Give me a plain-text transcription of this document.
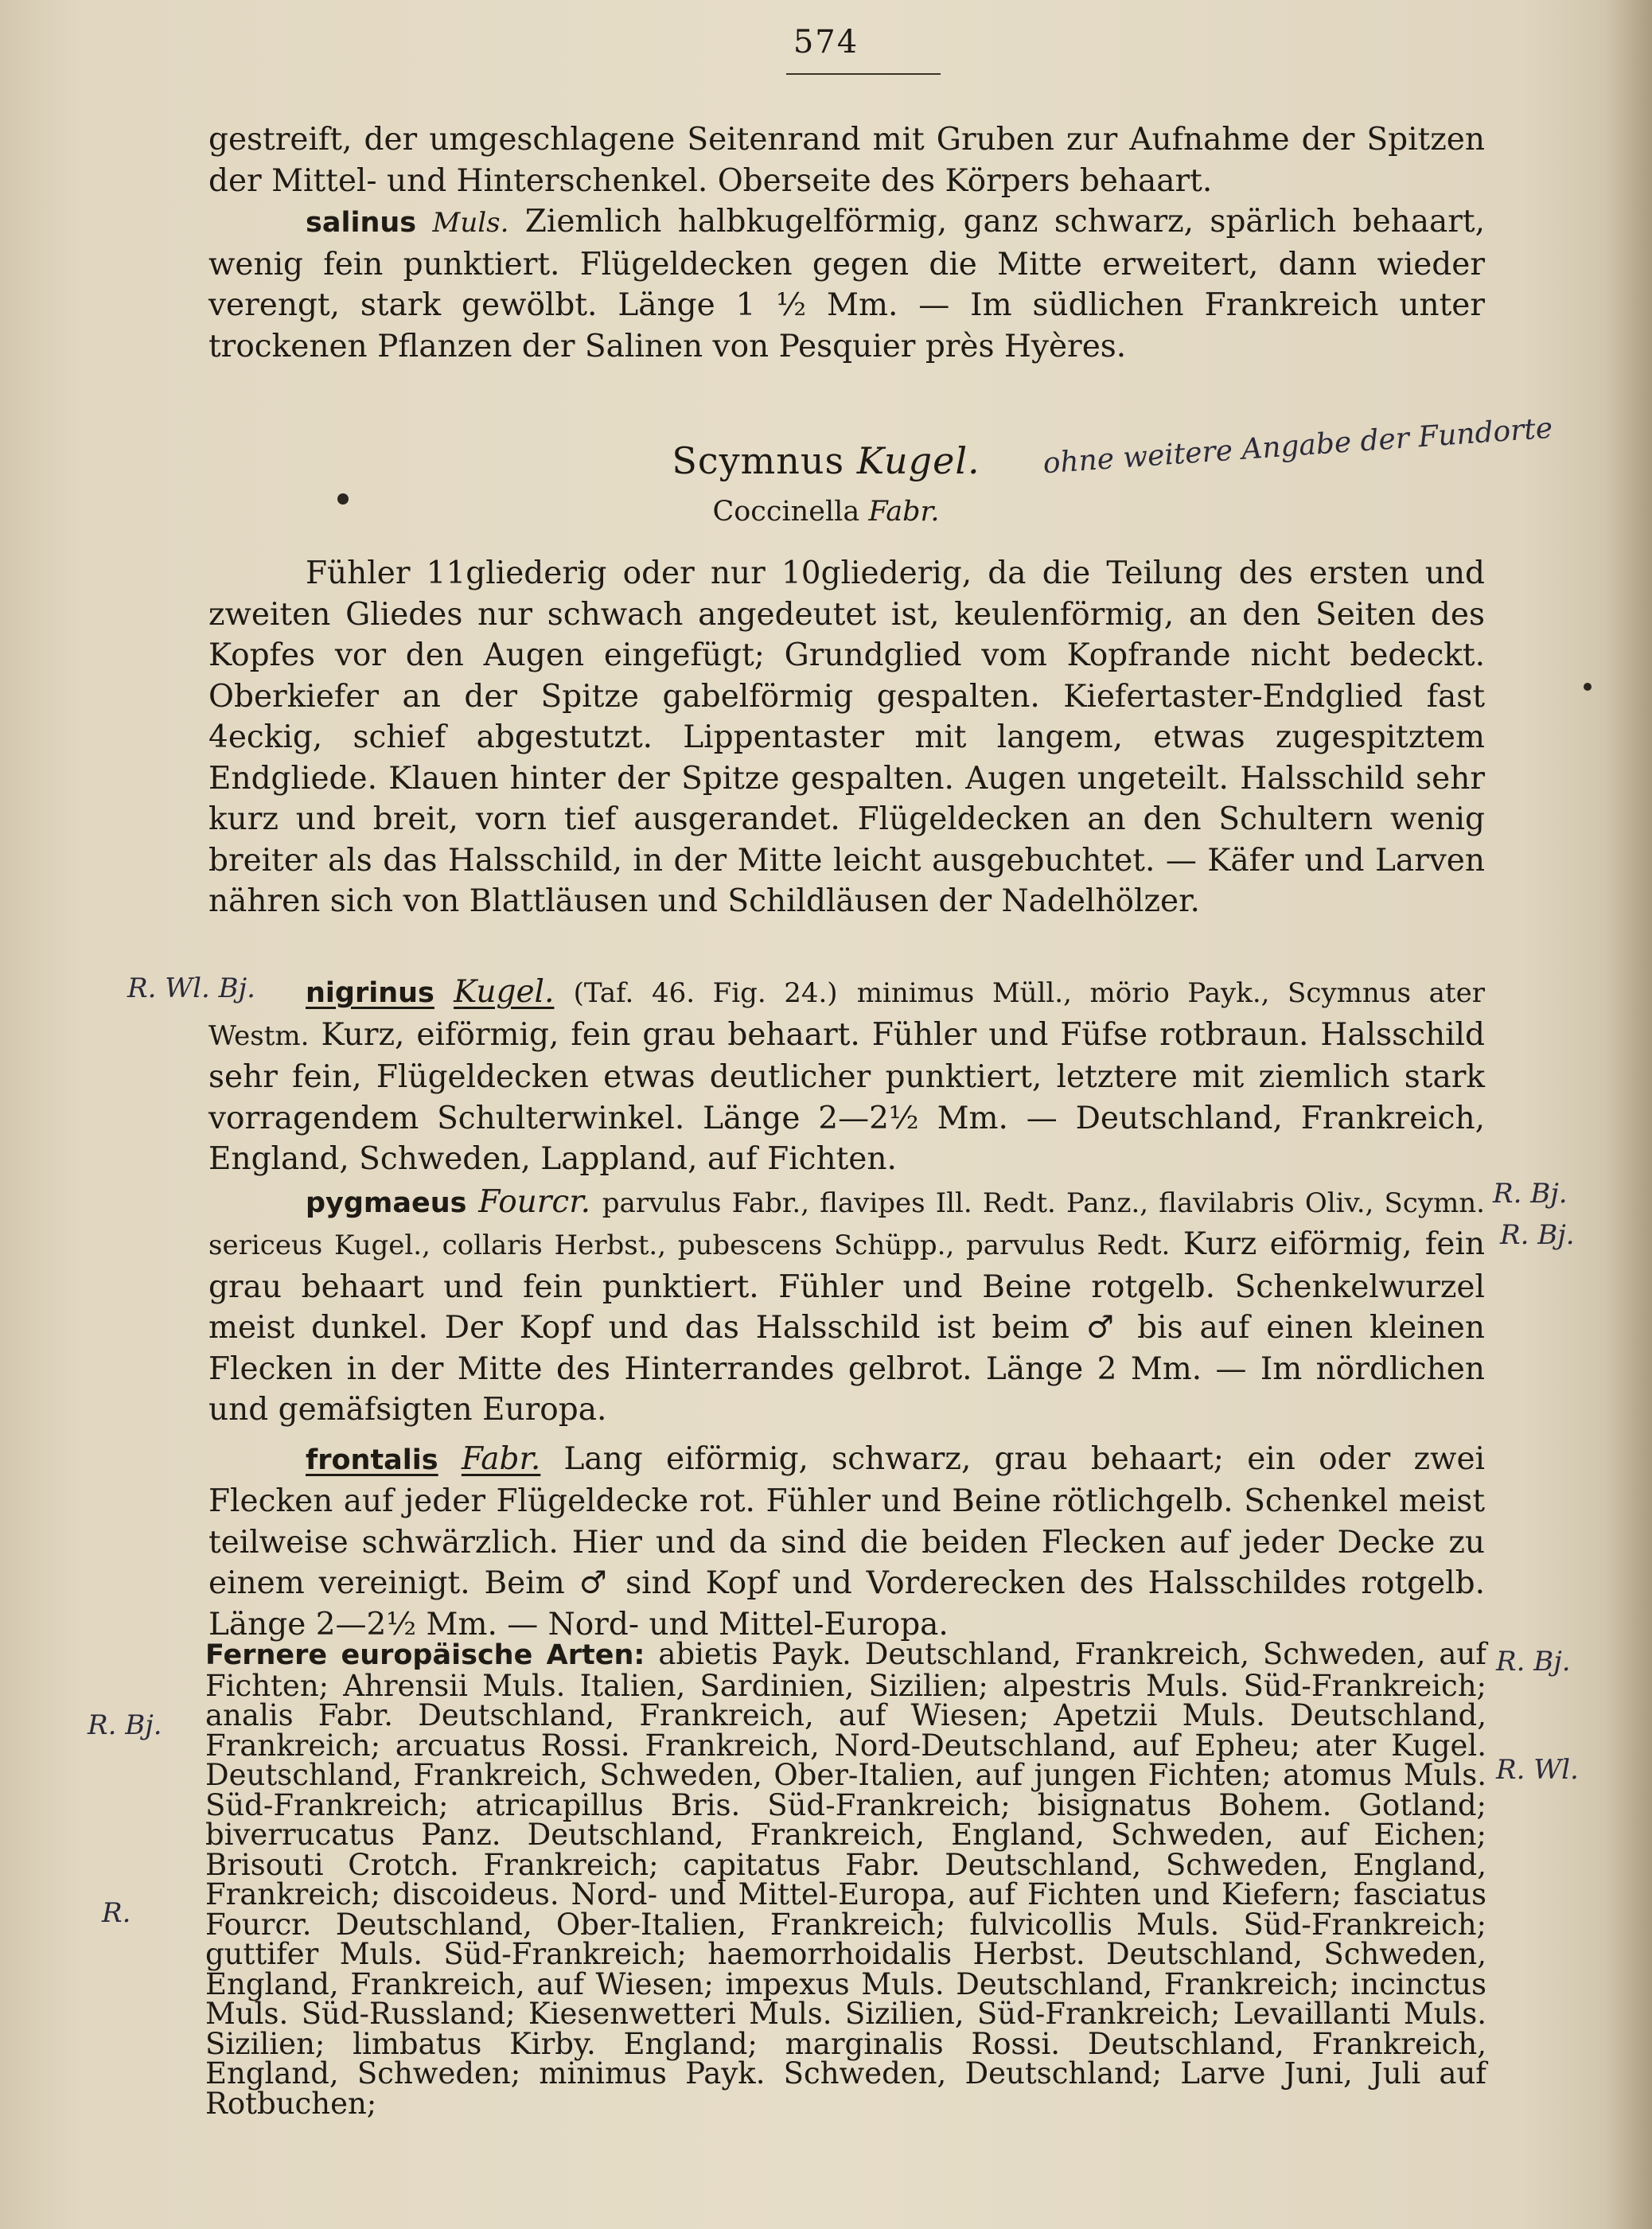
574

gestreift, der umgeschlagene Seitenrand mit Gruben zur Aufnahme der Spitzen der Mittel- und Hinterschenkel. Oberseite des Körpers behaart.

salinus Muls. Ziemlich halbkugelförmig, ganz schwarz, spärlich behaart, wenig fein punktiert. Flügeldecken gegen die Mitte erweitert, dann wieder verengt, stark gewölbt. Länge 1 ½ Mm. — Im südlichen Frankreich unter trockenen Pflanzen der Salinen von Pesquier près Hyères.

Scymnus Kugel.
Coccinella Fabr.
ohne weitere Angabe der Fundorte

Fühler 11gliederig oder nur 10gliederig, da die Teilung des ersten und zweiten Gliedes nur schwach angedeutet ist, keulenförmig, an den Seiten des Kopfes vor den Augen eingefügt; Grundglied vom Kopfrande nicht bedeckt. Oberkiefer an der Spitze gabelförmig gespalten. Kiefertaster-Endglied fast 4eckig, schief abgestutzt. Lippentaster mit langem, etwas zugespitztem Endgliede. Klauen hinter der Spitze gespalten. Augen ungeteilt. Halsschild sehr kurz und breit, vorn tief ausgerandet. Flügeldecken an den Schultern wenig breiter als das Halsschild, in der Mitte leicht ausgebuchtet. — Käfer und Larven nähren sich von Blattläusen und Schildläusen der Nadelhölzer.

nigrinus Kugel. (Taf. 46. Fig. 24.) minimus Müll., mörio Payk., Scymnus ater Westm. Kurz, eiförmig, fein grau behaart. Fühler und Füfse rotbraun. Halsschild sehr fein, Flügeldecken etwas deutlicher punktiert, letztere mit ziemlich stark vorragendem Schulterwinkel. Länge 2—2½ Mm. — Deutschland, Frankreich, England, Schweden, Lappland, auf Fichten.

pygmaeus Fourcr. parvulus Fabr., flavipes Ill. Redt. Panz., flavilabris Oliv., Scymn. sericeus Kugel., collaris Herbst., pubescens Schüpp., parvulus Redt. Kurz eiförmig, fein grau behaart und fein punktiert. Fühler und Beine rotgelb. Schenkelwurzel meist dunkel. Der Kopf und das Halsschild ist beim ♂ bis auf einen kleinen Flecken in der Mitte des Hinterrandes gelbrot. Länge 2 Mm. — Im nördlichen und gemäfsigten Europa.

frontalis Fabr. Lang eiförmig, schwarz, grau behaart; ein oder zwei Flecken auf jeder Flügeldecke rot. Fühler und Beine rötlichgelb. Schenkel meist teilweise schwärzlich. Hier und da sind die beiden Flecken auf jeder Decke zu einem vereinigt. Beim ♂ sind Kopf und Vorderecken des Halsschildes rotgelb. Länge 2—2½ Mm. — Nord- und Mittel-Europa.

R. Wl. Bj.
R. Bj.
R. Bj.

Fernere europäische Arten: abietis Payk. Deutschland, Frankreich, Schweden, auf Fichten; Ahrensii Muls. Italien, Sardinien, Sizilien; alpestris Muls. Süd-Frankreich; analis Fabr. Deutschland, Frankreich, auf Wiesen; Apetzii Muls. Deutschland, Frankreich; arcuatus Rossi. Frankreich, Nord-Deutschland, auf Epheu; ater Kugel. Deutschland, Frankreich, Schweden, Ober-Italien, auf jungen Fichten; atomus Muls. Süd-Frankreich; atricapillus Bris. Süd-Frankreich; bisignatus Bohem. Gotland; biverrucatus Panz. Deutschland, Frankreich, England, Schweden, auf Eichen; Brisouti Crotch. Frankreich; capitatus Fabr. Deutschland, Schweden, England, Frankreich; discoideus. Nord- und Mittel-Europa, auf Fichten und Kiefern; fasciatus Fourcr. Deutschland, Ober-Italien, Frankreich; fulvicollis Muls. Süd-Frankreich; guttifer Muls. Süd-Frankreich; haemorrhoidalis Herbst. Deutschland, Schweden, England, Frankreich, auf Wiesen; impexus Muls. Deutschland, Frankreich; incinctus Muls. Süd-Russland; Kiesenwetteri Muls. Sizilien, Süd-Frankreich; Levaillanti Muls. Sizilien; limbatus Kirby. England; marginalis Rossi. Deutschland, Frankreich, England, Schweden; minimus Payk. Schweden, Deutschland; Larve Juni, Juli auf Rotbuchen;

R. Bj.
R. Bj.
R. Wl.
R.
